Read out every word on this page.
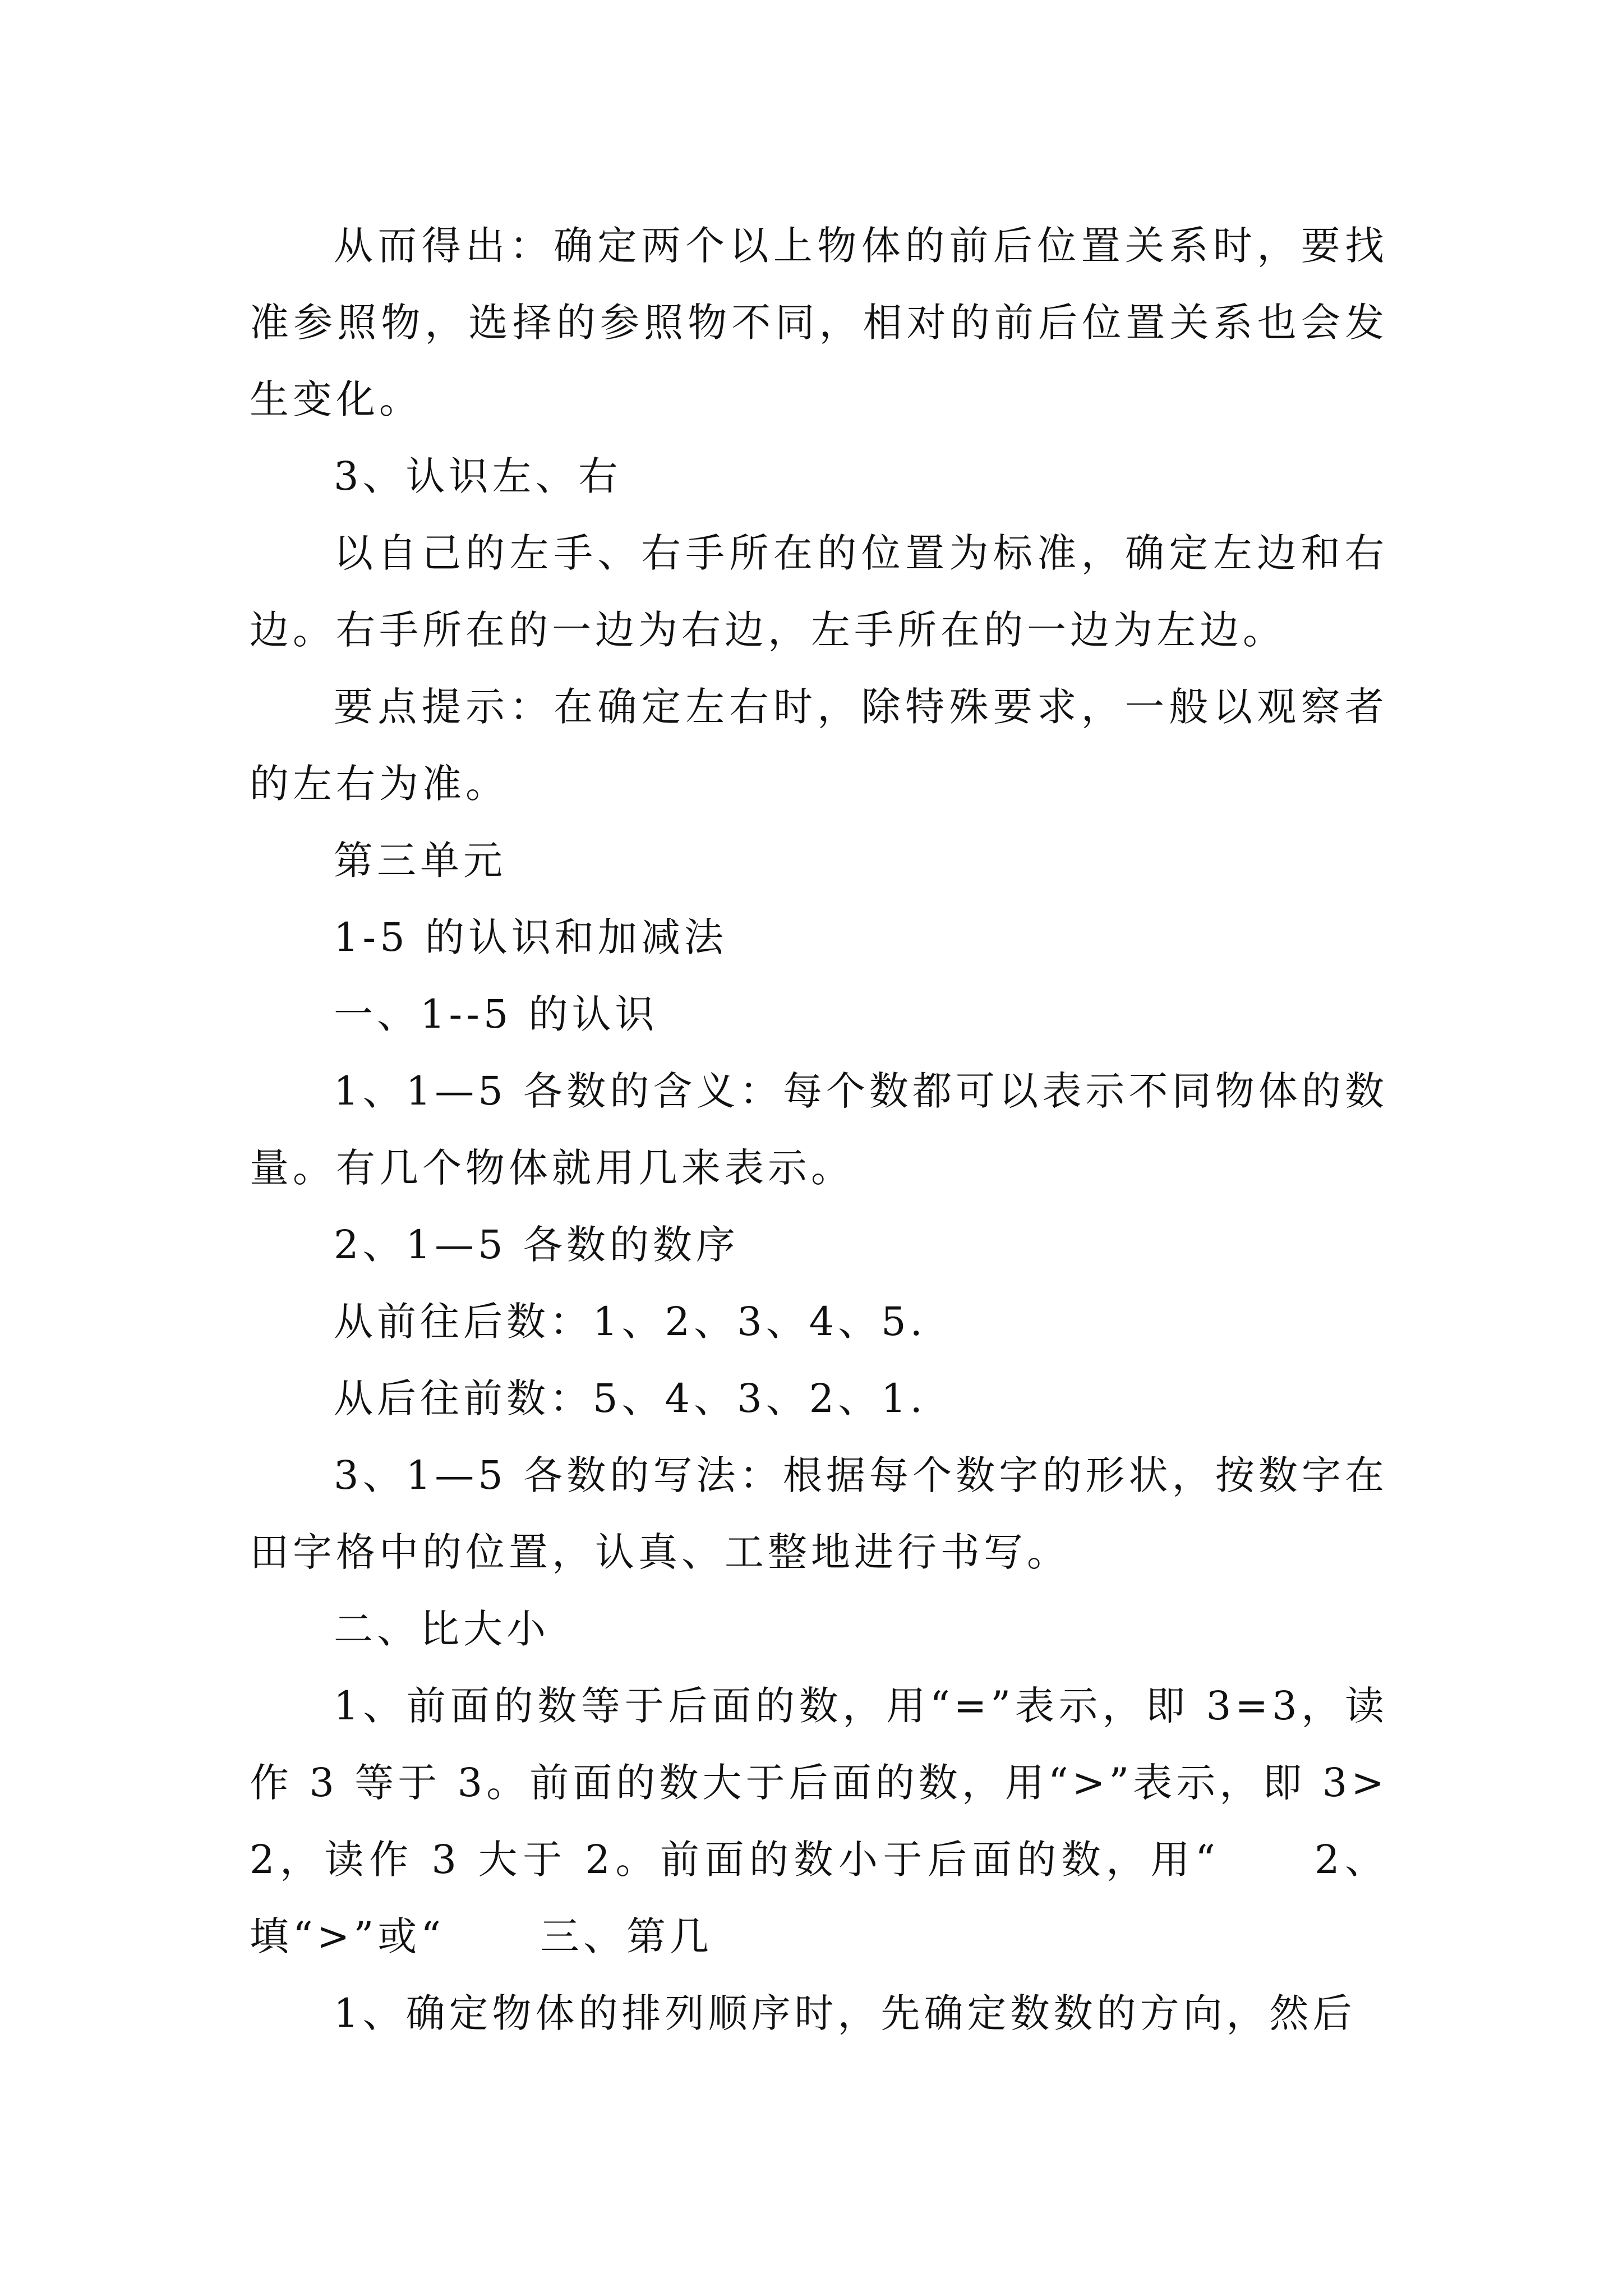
从而得出：确定两个以上物体的前后位置关系时，要找准参照物，选择的参照物不同，相对的前后位置关系也会发生变化。

3、认识左、右

以自己的左手、右手所在的位置为标准，确定左边和右边。右手所在的一边为右边，左手所在的一边为左边。

要点提示：在确定左右时，除特殊要求，一般以观察者的左右为准。

第三单元

1-5 的认识和加减法

一、1--5 的认识

1、1—5 各数的含义：每个数都可以表示不同物体的数量。有几个物体就用几来表示。

2、1—5 各数的数序

从前往后数：1、2、3、4、5.

从后往前数：5、4、3、2、1.

3、1—5 各数的写法：根据每个数字的形状，按数字在田字格中的位置，认真、工整地进行书写。

二、比大小

1、前面的数等于后面的数，用“=”表示，即 3=3，读作 3 等于 3。前面的数大于后面的数，用“>”表示，即 3>2，读作 3 大于 2。前面的数小于后面的数，用“ 2、填“>”或“ 三、第几

1、确定物体的排列顺序时，先确定数数的方向，然后
